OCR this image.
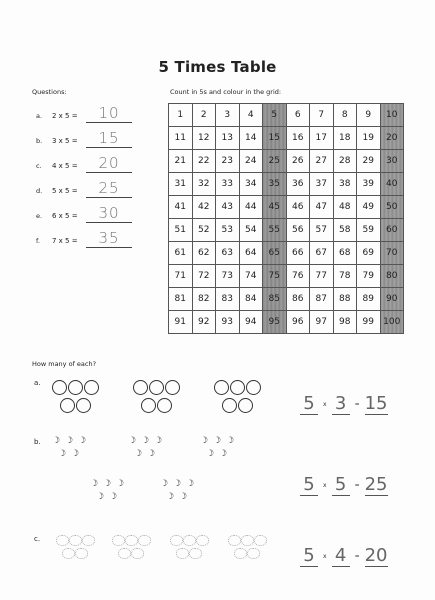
5 Times Table
Questions:	Count in 5s and colour in the grid:
a. 2 x 5 =	10
b. 3 x 5 =	15
c. 4 x 5 =	20
d. 5 x 5 =	25
e. 6 x 5 =	30
f. 7 x 5 =	35
1	2	3	4	5	6	7	8	9	10
11	12	13	14	15	16	17	18	19	20
21	22	23	24	25	26	27	28	29	30
31	32	33	34	35	36	37	38	39	40
41	42	43	44	45	46	47	48	49	50
51	52	53	54	55	56	57	58	59	60
61	62	63	64	65	66	67	68	69	70
71	72	73	74	75	76	77	78	79	80
81	82	83	84	85	86	87	88	89	90
91	92	93	94	95	96	97	98	99	100
How many of each?
a.
b.
c.
☽ ☽ ☽
☽ ☽
☽ ☽ ☽
☽ ☽
☽ ☽ ☽
☽ ☽
☽ ☽ ☽
☽ ☽
☽ ☽ ☽
☽ ☽
5 x 3 = 15
5 x 5 = 25
5 x 4 = 20
